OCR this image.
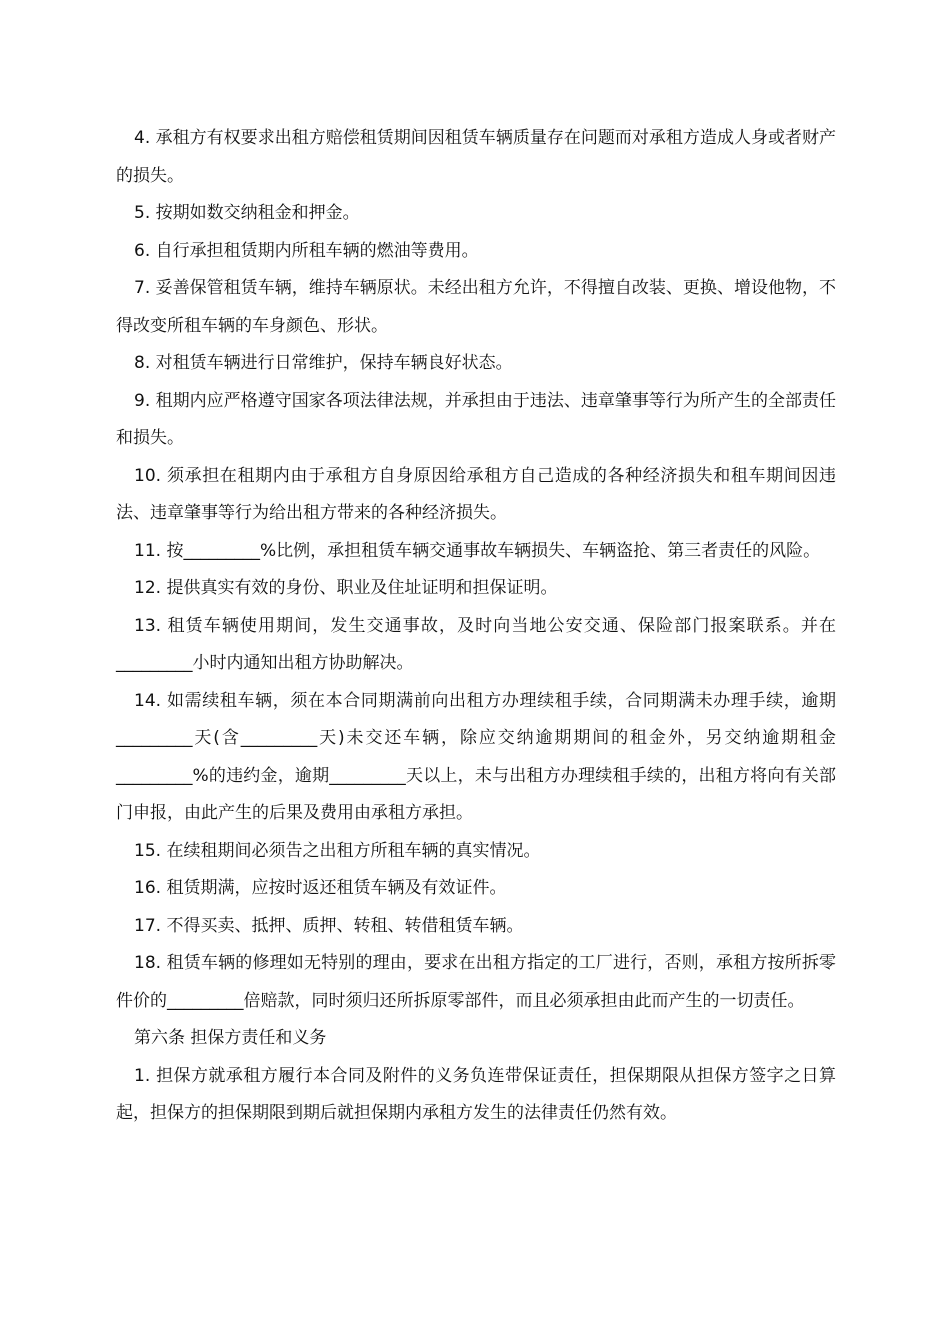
4. 承租方有权要求出租方赔偿租赁期间因租赁车辆质量存在问题而对承租方造成人身或者财产的损失。

5. 按期如数交纳租金和押金。

6. 自行承担租赁期内所租车辆的燃油等费用。

7. 妥善保管租赁车辆，维持车辆原状。未经出租方允许，不得擅自改装、更换、增设他物，不得改变所租车辆的车身颜色、形状。

8. 对租赁车辆进行日常维护，保持车辆良好状态。

9. 租期内应严格遵守国家各项法律法规，并承担由于违法、违章肇事等行为所产生的全部责任和损失。

10. 须承担在租期内由于承租方自身原因给承租方自己造成的各种经济损失和租车期间因违法、违章肇事等行为给出租方带来的各种经济损失。

11. 按_________%比例，承担租赁车辆交通事故车辆损失、车辆盗抢、第三者责任的风险。

12. 提供真实有效的身份、职业及住址证明和担保证明。

13. 租赁车辆使用期间，发生交通事故，及时向当地公安交通、保险部门报案联系。并在_________小时内通知出租方协助解决。

14. 如需续租车辆，须在本合同期满前向出租方办理续租手续，合同期满未办理手续，逾期_________天(含_________天)未交还车辆，除应交纳逾期期间的租金外，另交纳逾期租金_________%的违约金，逾期_________天以上，未与出租方办理续租手续的，出租方将向有关部门申报，由此产生的后果及费用由承租方承担。

15. 在续租期间必须告之出租方所租车辆的真实情况。

16. 租赁期满，应按时返还租赁车辆及有效证件。

17. 不得买卖、抵押、质押、转租、转借租赁车辆。

18. 租赁车辆的修理如无特别的理由，要求在出租方指定的工厂进行，否则，承租方按所拆零件价的_________倍赔款，同时须归还所拆原零部件，而且必须承担由此而产生的一切责任。

第六条 担保方责任和义务

1. 担保方就承租方履行本合同及附件的义务负连带保证责任，担保期限从担保方签字之日算起，担保方的担保期限到期后就担保期内承租方发生的法律责任仍然有效。
